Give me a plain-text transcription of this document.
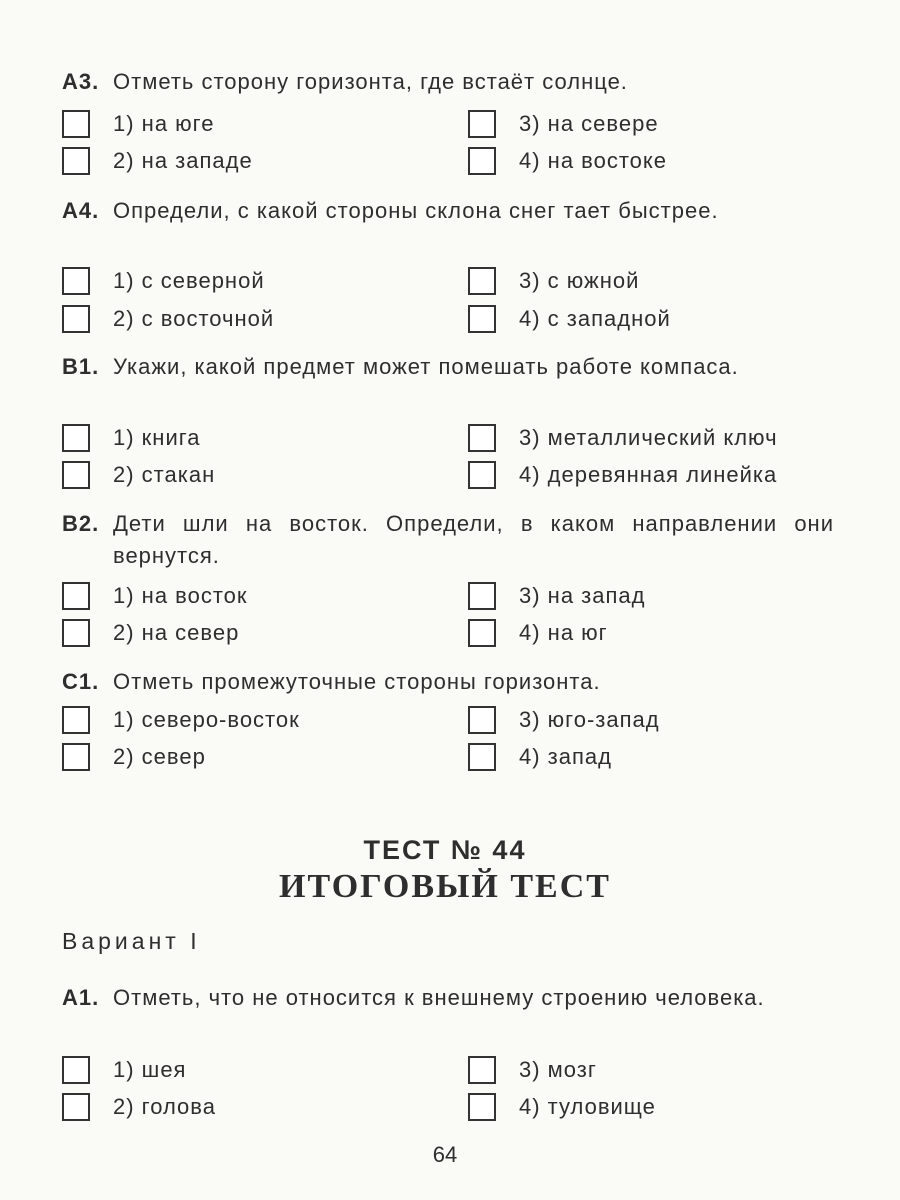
ТЕСТ № 44
ИТОГОВЫЙ ТЕСТ
Вариант I
64
А3. Отметь сторону горизонта, где встаёт солнце.
1) на юге
2) на западе
3) на севере
4) на востоке
А4. Определи, с какой стороны склона снег тает быстрее.
1) с северной
2) с восточной
3) с южной
4) с западной
В1. Укажи, какой предмет может помешать работе компаса.
1) книга
2) стакан
3) металлический ключ
4) деревянная линейка
В2. Дети шли на восток. Определи, в каком направлении они вернутся.
1) на восток
2) на север
3) на запад
4) на юг
С1. Отметь промежуточные стороны горизонта.
1) северо-восток
2) север
3) юго-запад
4) запад
А1. Отметь, что не относится к внешнему строению человека.
1) шея
2) голова
3) мозг
4) туловище
